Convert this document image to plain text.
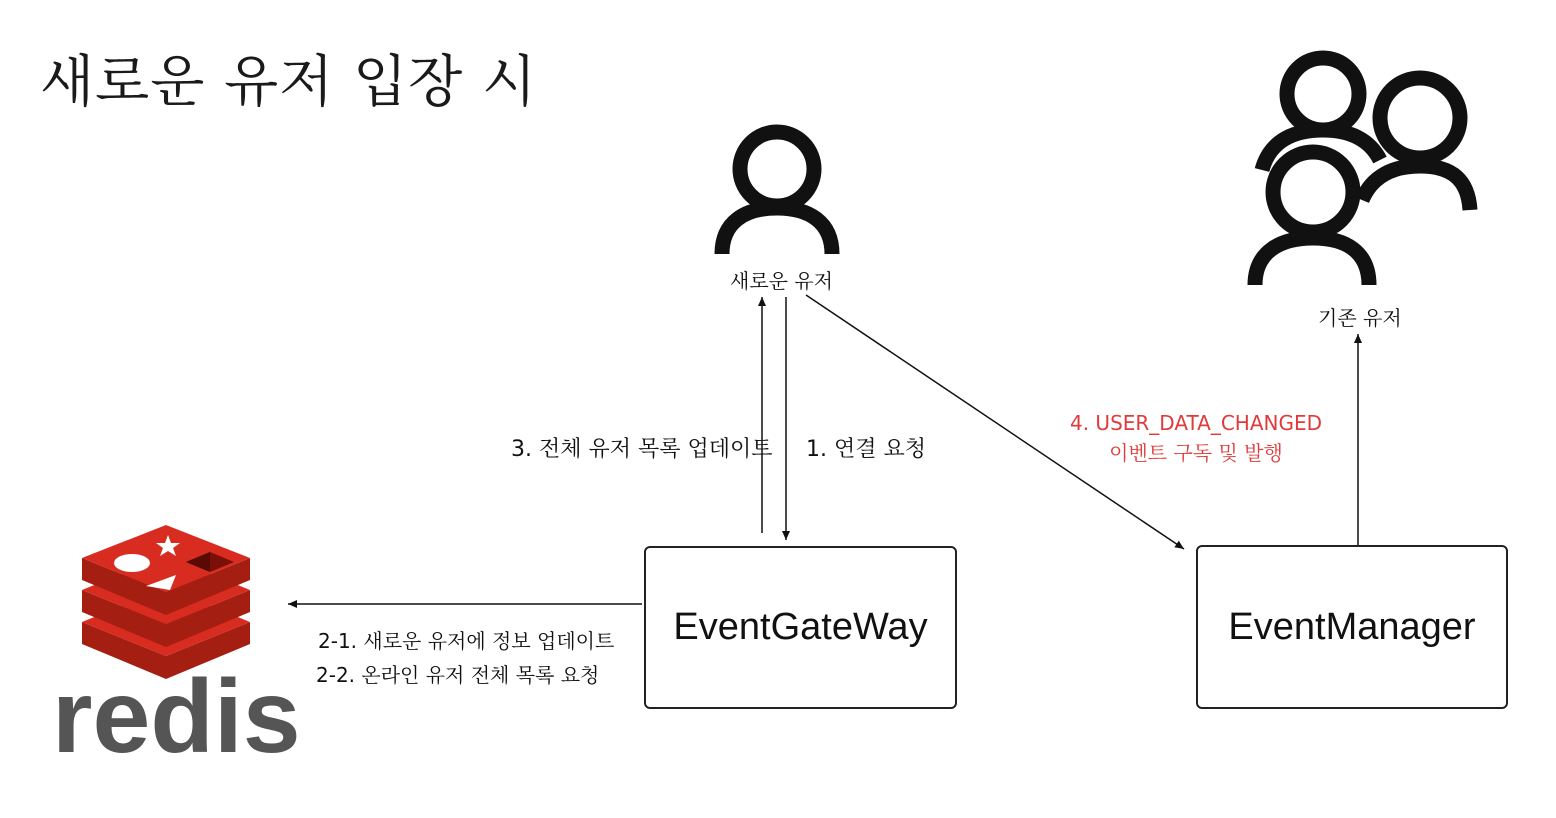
redis
새로운 유저 입장 시
새로운 유저
기존 유저
3. 전체 유저 목록 업데이트 1. 연결 요청
4. USER_DATA_CHANGED
이벤트 구독 및 발행
2-1. 새로운 유저에 정보 업데이트
2-2. 온라인 유저 전체 목록 요청
EventGateWay	EventManager
